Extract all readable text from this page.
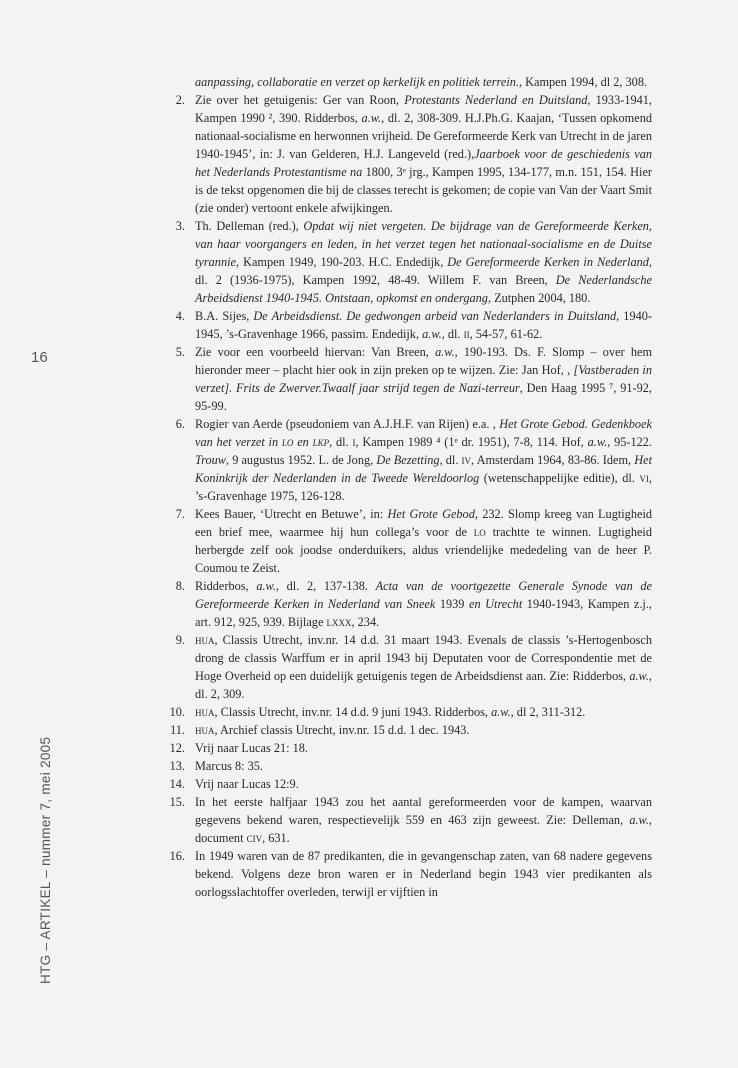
16
HTG – ARTIKEL – nummer 7, mei 2005
aanpassing, collaboratie en verzet op kerkelijk en politiek terrein., Kampen 1994, dl 2, 308.
2. Zie over het getuigenis: Ger van Roon, Protestants Nederland en Duitsland, 1933-1941, Kampen 1990 ², 390. Ridderbos, a.w., dl. 2, 308-309. H.J.Ph.G. Kaajan, ‘Tussen opkomend nationaal-socialisme en herwonnen vrijheid. De Gereformeerde Kerk van Utrecht in de jaren 1940-1945’, in: J. van Gelderen, H.J. Langeveld (red.),Jaarboek voor de geschiedenis van het Nederlands Protestantisme na 1800, 3ᵉ jrg., Kampen 1995, 134-177, m.n. 151, 154. Hier is de tekst opgenomen die bij de classes terecht is gekomen; de copie van Van der Vaart Smit (zie onder) vertoont enkele afwijkingen.
3. Th. Delleman (red.), Opdat wij niet vergeten. De bijdrage van de Gereformeerde Kerken, van haar voorgangers en leden, in het verzet tegen het nationaal-socialisme en de Duitse tyrannie, Kampen 1949, 190-203. H.C. Endedijk, De Gereformeerde Kerken in Nederland, dl. 2 (1936-1975), Kampen 1992, 48-49. Willem F. van Breen, De Nederlandsche Arbeidsdienst 1940-1945. Ontstaan, opkomst en ondergang, Zutphen 2004, 180.
4. B.A. Sijes, De Arbeidsdienst. De gedwongen arbeid van Nederlanders in Duitsland, 1940-1945, ’s-Gravenhage 1966, passim. Endedijk, a.w., dl. ii, 54-57, 61-62.
5. Zie voor een voorbeeld hiervan: Van Breen, a.w., 190-193. Ds. F. Slomp – over hem hieronder meer – placht hier ook in zijn preken op te wijzen. Zie: Jan Hof, , [Vastberaden in verzet]. Frits de Zwerver.Twaalf jaar strijd tegen de Nazi-terreur, Den Haag 1995 ⁷, 91-92, 95-99.
6. Rogier van Aerde (pseudoniem van A.J.H.F. van Rijen) e.a. , Het Grote Gebod. Gedenkboek van het verzet in lo en lkp, dl. i, Kampen 1989 ⁴ (1ᵉ dr. 1951), 7-8, 114. Hof, a.w., 95-122. Trouw, 9 augustus 1952. L. de Jong, De Bezetting, dl. iv, Amsterdam 1964, 83-86. Idem, Het Koninkrijk der Nederlanden in de Tweede Wereldoorlog (wetenschappelijke editie), dl. vi, ’s-Gravenhage 1975, 126-128.
7. Kees Bauer, ‘Utrecht en Betuwe’, in: Het Grote Gebod, 232. Slomp kreeg van Lugtigheid een brief mee, waarmee hij hun collega’s voor de lo trachtte te winnen. Lugtigheid herbergde zelf ook joodse onderduikers, aldus vriendelijke mededeling van de heer P. Coumou te Zeist.
8. Ridderbos, a.w., dl. 2, 137-138. Acta van de voortgezette Generale Synode van de Gereformeerde Kerken in Nederland van Sneek 1939 en Utrecht 1940-1943, Kampen z.j., art. 912, 925, 939. Bijlage lxxx, 234.
9. hua, Classis Utrecht, inv.nr. 14 d.d. 31 maart 1943. Evenals de classis ’s-Hertogenbosch drong de classis Warffum er in april 1943 bij Deputaten voor de Correspondentie met de Hoge Overheid op een duidelijk getuigenis tegen de Arbeidsdienst aan. Zie: Ridderbos, a.w., dl. 2, 309.
10. hua, Classis Utrecht, inv.nr. 14 d.d. 9 juni 1943. Ridderbos, a.w., dl 2, 311-312.
11. hua, Archief classis Utrecht, inv.nr. 15 d.d. 1 dec. 1943.
12. Vrij naar Lucas 21: 18.
13. Marcus 8: 35.
14. Vrij naar Lucas 12:9.
15. In het eerste halfjaar 1943 zou het aantal gereformeerden voor de kampen, waarvan gegevens bekend waren, respectievelijk 559 en 463 zijn geweest. Zie: Delleman, a.w., document civ, 631.
16. In 1949 waren van de 87 predikanten, die in gevangenschap zaten, van 68 nadere gegevens bekend. Volgens deze bron waren er in Nederland begin 1943 vier predikanten als oorlogsslachtoffer overleden, terwijl er vijftien in
